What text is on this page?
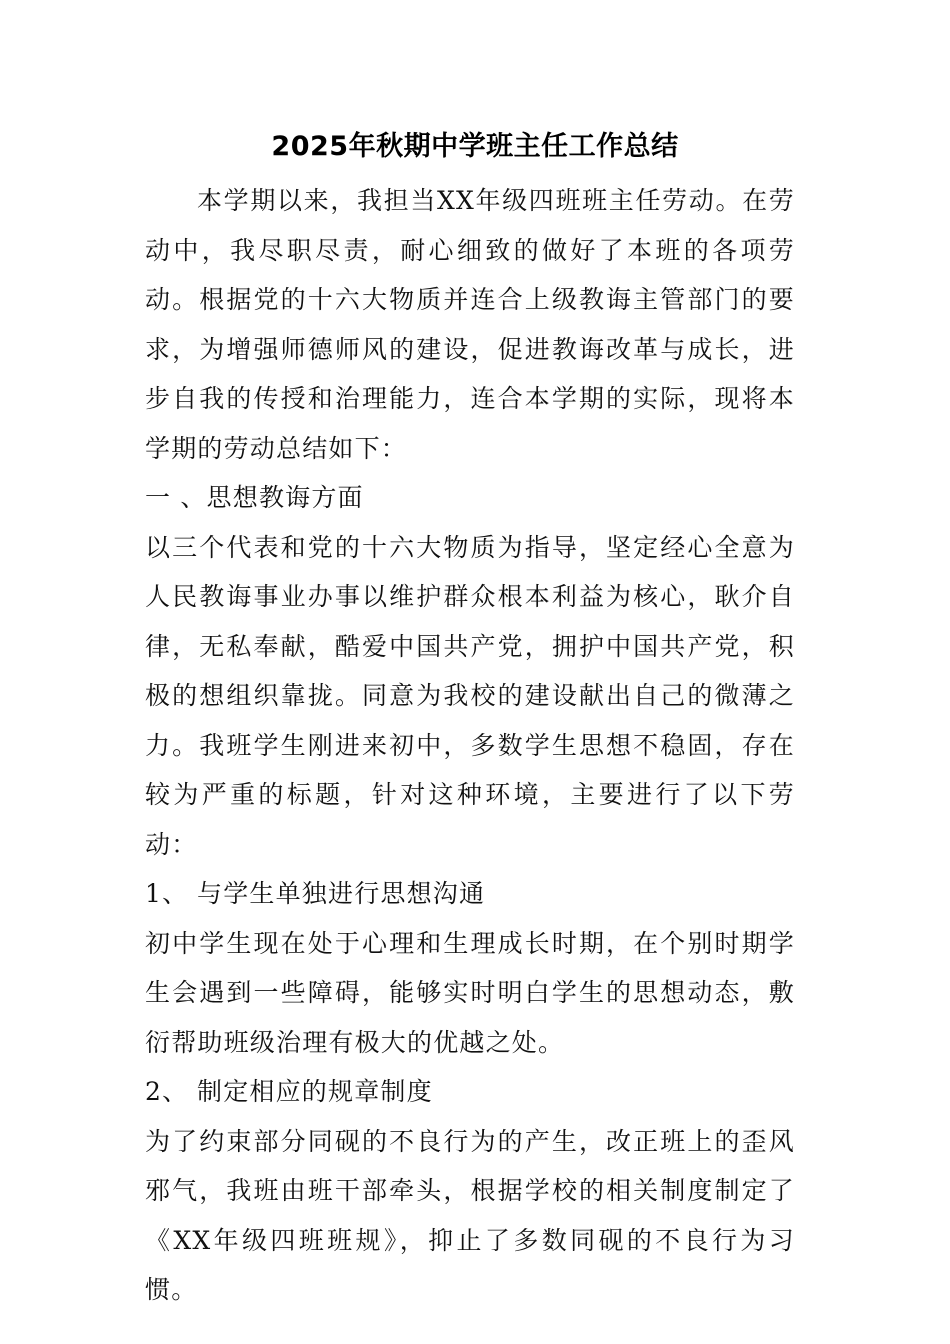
2025年秋期中学班主任工作总结

本学期以来，我担当XX年级四班班主任劳动。在劳动中，我尽职尽责，耐心细致的做好了本班的各项劳动。根据党的十六大物质并连合上级教诲主管部门的要求，为增强师德师风的建设，促进教诲改革与成长，进步自我的传授和治理能力，连合本学期的实际，现将本学期的劳动总结如下：

一 、思想教诲方面

以三个代表和党的十六大物质为指导，坚定经心全意为人民教诲事业办事以维护群众根本利益为核心，耿介自律，无私奉献，酷爱中国共产党，拥护中国共产党，积极的想组织靠拢。同意为我校的建设献出自己的微薄之力。我班学生刚进来初中，多数学生思想不稳固，存在较为严重的标题，针对这种环境，主要进行了以下劳动：

1、 与学生单独进行思想沟通

初中学生现在处于心理和生理成长时期，在个别时期学生会遇到一些障碍，能够实时明白学生的思想动态，敷衍帮助班级治理有极大的优越之处。

2、 制定相应的规章制度

为了约束部分同砚的不良行为的产生，改正班上的歪风邪气，我班由班干部牵头，根据学校的相关制度制定了《XX年级四班班规》，抑止了多数同砚的不良行为习惯。
